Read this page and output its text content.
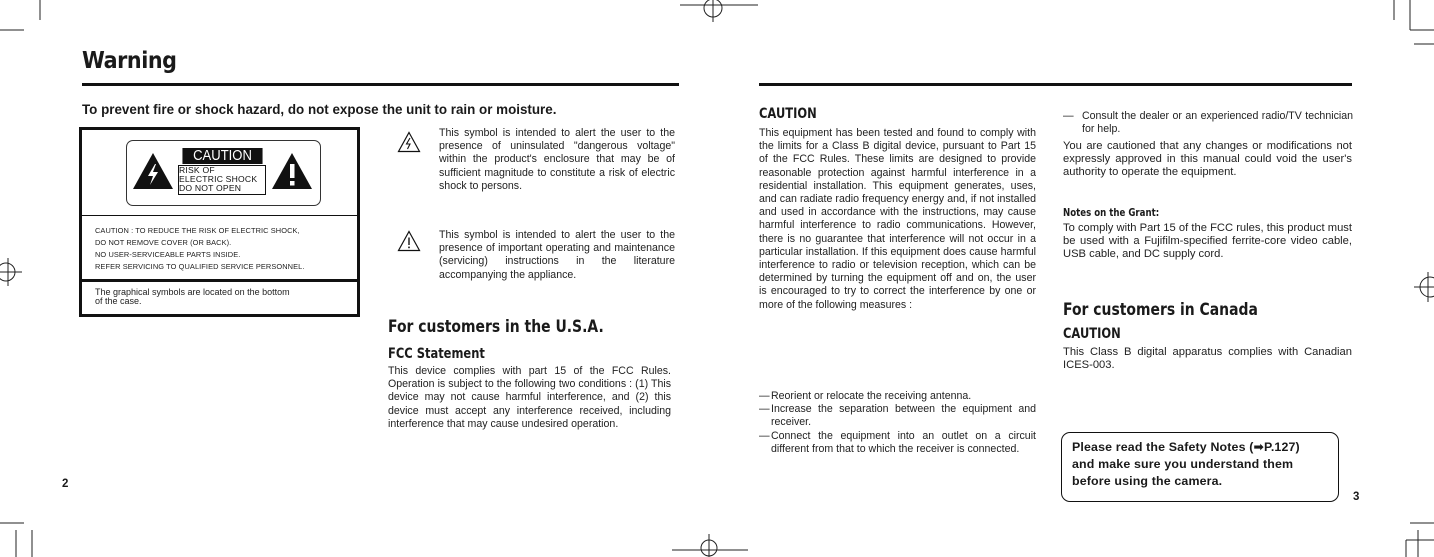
Warning
To prevent fire or shock hazard, do not expose the unit to rain or moisture.
CAUTION
RISK OF
ELECTRIC SHOCK
DO NOT OPEN
CAUTION : TO REDUCE THE RISK OF ELECTRIC SHOCK,
DO NOT REMOVE COVER (OR BACK).
NO USER-SERVICEABLE PARTS INSIDE.
REFER SERVICING TO QUALIFIED SERVICE PERSONNEL.
The graphical symbols are located on the bottom
of the case.
This symbol is intended to alert the user to the presence of uninsulated "dangerous voltage" within the product's enclosure that may be of sufficient magnitude to constitute a risk of electric shock to persons.
This symbol is intended to alert the user to the presence of important operating and maintenance (servicing) instructions in the literature accompanying the appliance.
For customers in the U.S.A.
FCC Statement
This device complies with part 15 of the FCC Rules. Operation is subject to the following two conditions : (1) This device may not cause harmful interference, and (2) this device must accept any interference received, including interference that may cause undesired operation.
2
CAUTION
This equipment has been tested and found to comply with the limits for a Class B digital device, pursuant to Part 15 of the FCC Rules. These limits are designed to provide reasonable protection against harmful interference in a residential installation. This equipment generates, uses, and can radiate radio frequency energy and, if not installed and used in accordance with the instructions, may cause harmful interference to radio communications. However, there is no guarantee that interference will not occur in a particular installation. If this equipment does cause harmful interference to radio or television reception, which can be determined by turning the equipment off and on, the user is encouraged to try to correct the interference by one or more of the following measures :
— Reorient or relocate the receiving antenna.
— Increase the separation between the equipment and receiver.
— Connect the equipment into an outlet on a circuit different from that to which the receiver is connected.
— Consult the dealer or an experienced radio/TV technician for help.
You are cautioned that any changes or modifications not expressly approved in this manual could void the user's authority to operate the equipment.
Notes on the Grant:
To comply with Part 15 of the FCC rules, this product must be used with a Fujifilm-specified ferrite-core video cable, USB cable, and DC supply cord.
For customers in Canada
CAUTION
This Class B digital apparatus complies with Canadian ICES-003.
Please read the Safety Notes (➡P.127)
and make sure you understand them
before using the camera.
3
